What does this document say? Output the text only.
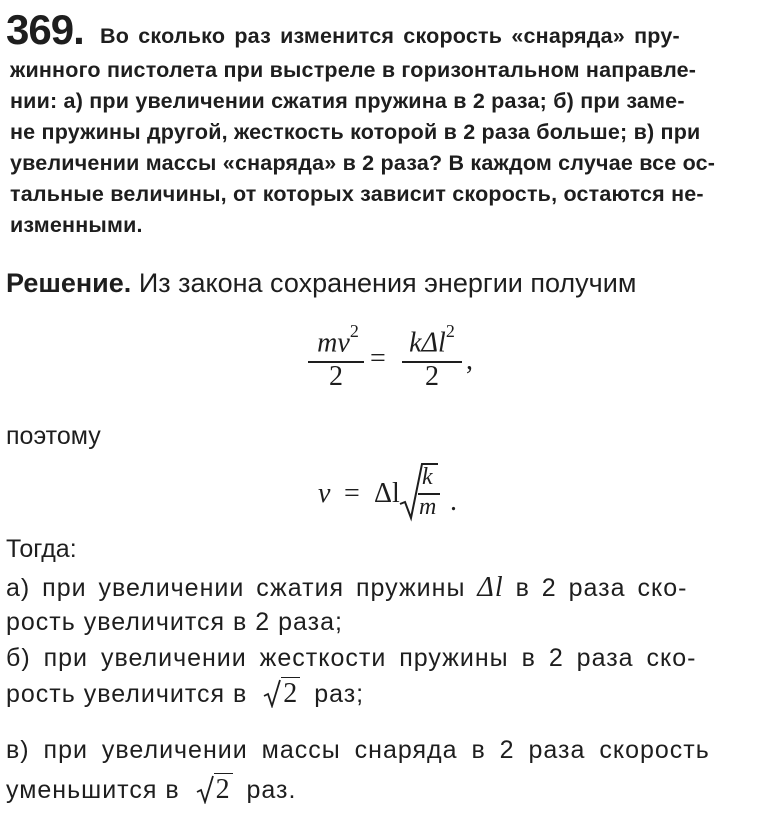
369. Во сколько раз изменится скорость «снаряда» пру-
жинного пистолета при выстреле в горизонтальном направле-
нии: а) при увеличении сжатия пружина в 2 раза; б) при заме-
не пружины другой, жесткость которой в 2 раза больше; в) при
увеличении массы «снаряда» в 2 раза? В каждом случае все ос-
тальные величины, от которых зависит скорость, остаются не-
изменными.
Решение. Из закона сохранения энергии получим
$mv^2$
2
=
kΔl$^2$
2
,
поэтому
v = Δl
k
m .
Тогда:
а) при увеличении сжатия пружины Δl в 2 раза ско-
рость увеличится в 2 раза;
б) при увеличении жесткости пружины в 2 раза ско-
рость увеличится в 2 раз;
в) при увеличении массы снаряда в 2 раза скорость
уменьшится в 2 раз.
